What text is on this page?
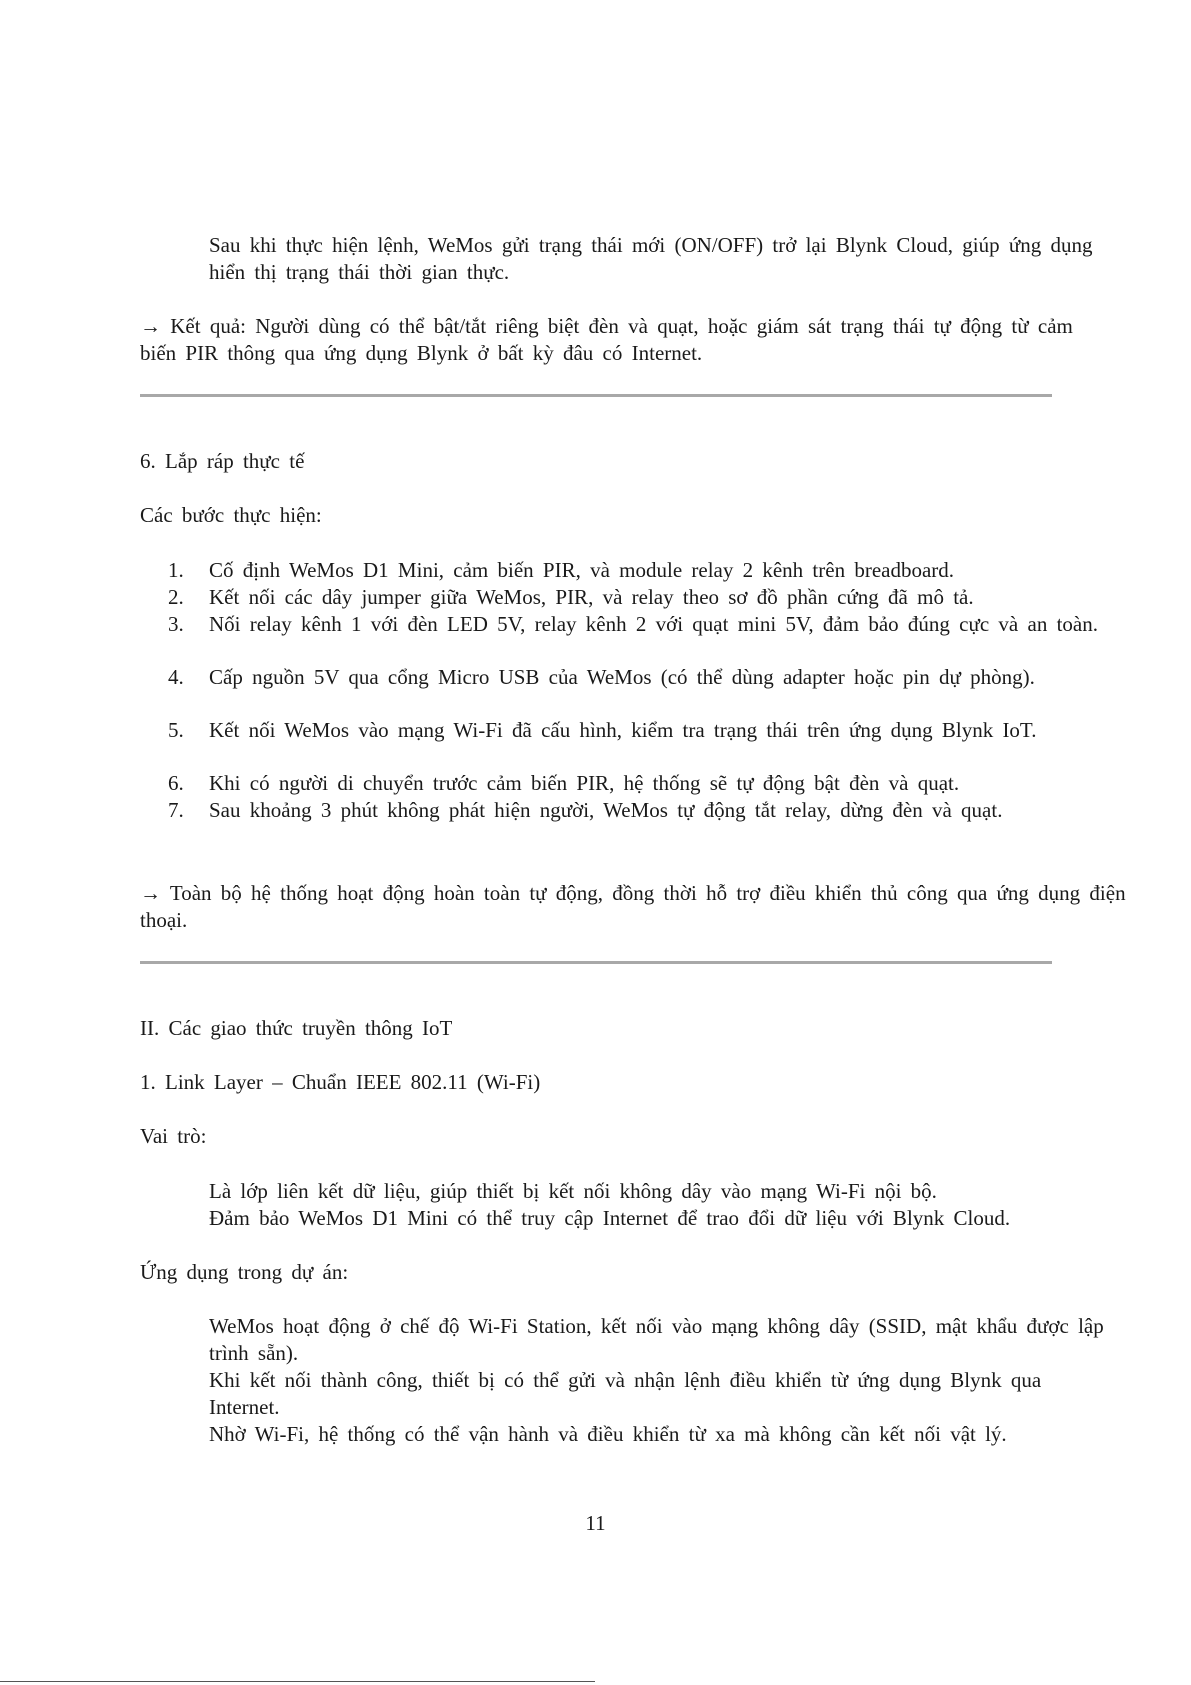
Sau khi thực hiện lệnh, WeMos gửi trạng thái mới (ON/OFF) trở lại Blynk Cloud, giúp ứng dụng hiển thị trạng thái thời gian thực.
→ Kết quả: Người dùng có thể bật/tắt riêng biệt đèn và quạt, hoặc giám sát trạng thái tự động từ cảm biến PIR thông qua ứng dụng Blynk ở bất kỳ đâu có Internet.
6. Lắp ráp thực tế
Các bước thực hiện:
1.	Cố định WeMos D1 Mini, cảm biến PIR, và module relay 2 kênh trên breadboard.
2.	Kết nối các dây jumper giữa WeMos, PIR, và relay theo sơ đồ phần cứng đã mô tả.
3.	Nối relay kênh 1 với đèn LED 5V, relay kênh 2 với quạt mini 5V, đảm bảo đúng cực và an toàn.
4.	Cấp nguồn 5V qua cổng Micro USB của WeMos (có thể dùng adapter hoặc pin dự phòng).
5.	Kết nối WeMos vào mạng Wi-Fi đã cấu hình, kiểm tra trạng thái trên ứng dụng Blynk IoT.
6.	Khi có người di chuyển trước cảm biến PIR, hệ thống sẽ tự động bật đèn và quạt.
7.	Sau khoảng 3 phút không phát hiện người, WeMos tự động tắt relay, dừng đèn và quạt.
→ Toàn bộ hệ thống hoạt động hoàn toàn tự động, đồng thời hỗ trợ điều khiển thủ công qua ứng dụng điện thoại.
II. Các giao thức truyền thông IoT
1. Link Layer – Chuẩn IEEE 802.11 (Wi-Fi)
Vai trò:
Là lớp liên kết dữ liệu, giúp thiết bị kết nối không dây vào mạng Wi-Fi nội bộ.
Đảm bảo WeMos D1 Mini có thể truy cập Internet để trao đổi dữ liệu với Blynk Cloud.
Ứng dụng trong dự án:
WeMos hoạt động ở chế độ Wi-Fi Station, kết nối vào mạng không dây (SSID, mật khẩu được lập trình sẵn).
Khi kết nối thành công, thiết bị có thể gửi và nhận lệnh điều khiển từ ứng dụng Blynk qua Internet.
Nhờ Wi-Fi, hệ thống có thể vận hành và điều khiển từ xa mà không cần kết nối vật lý.
11
